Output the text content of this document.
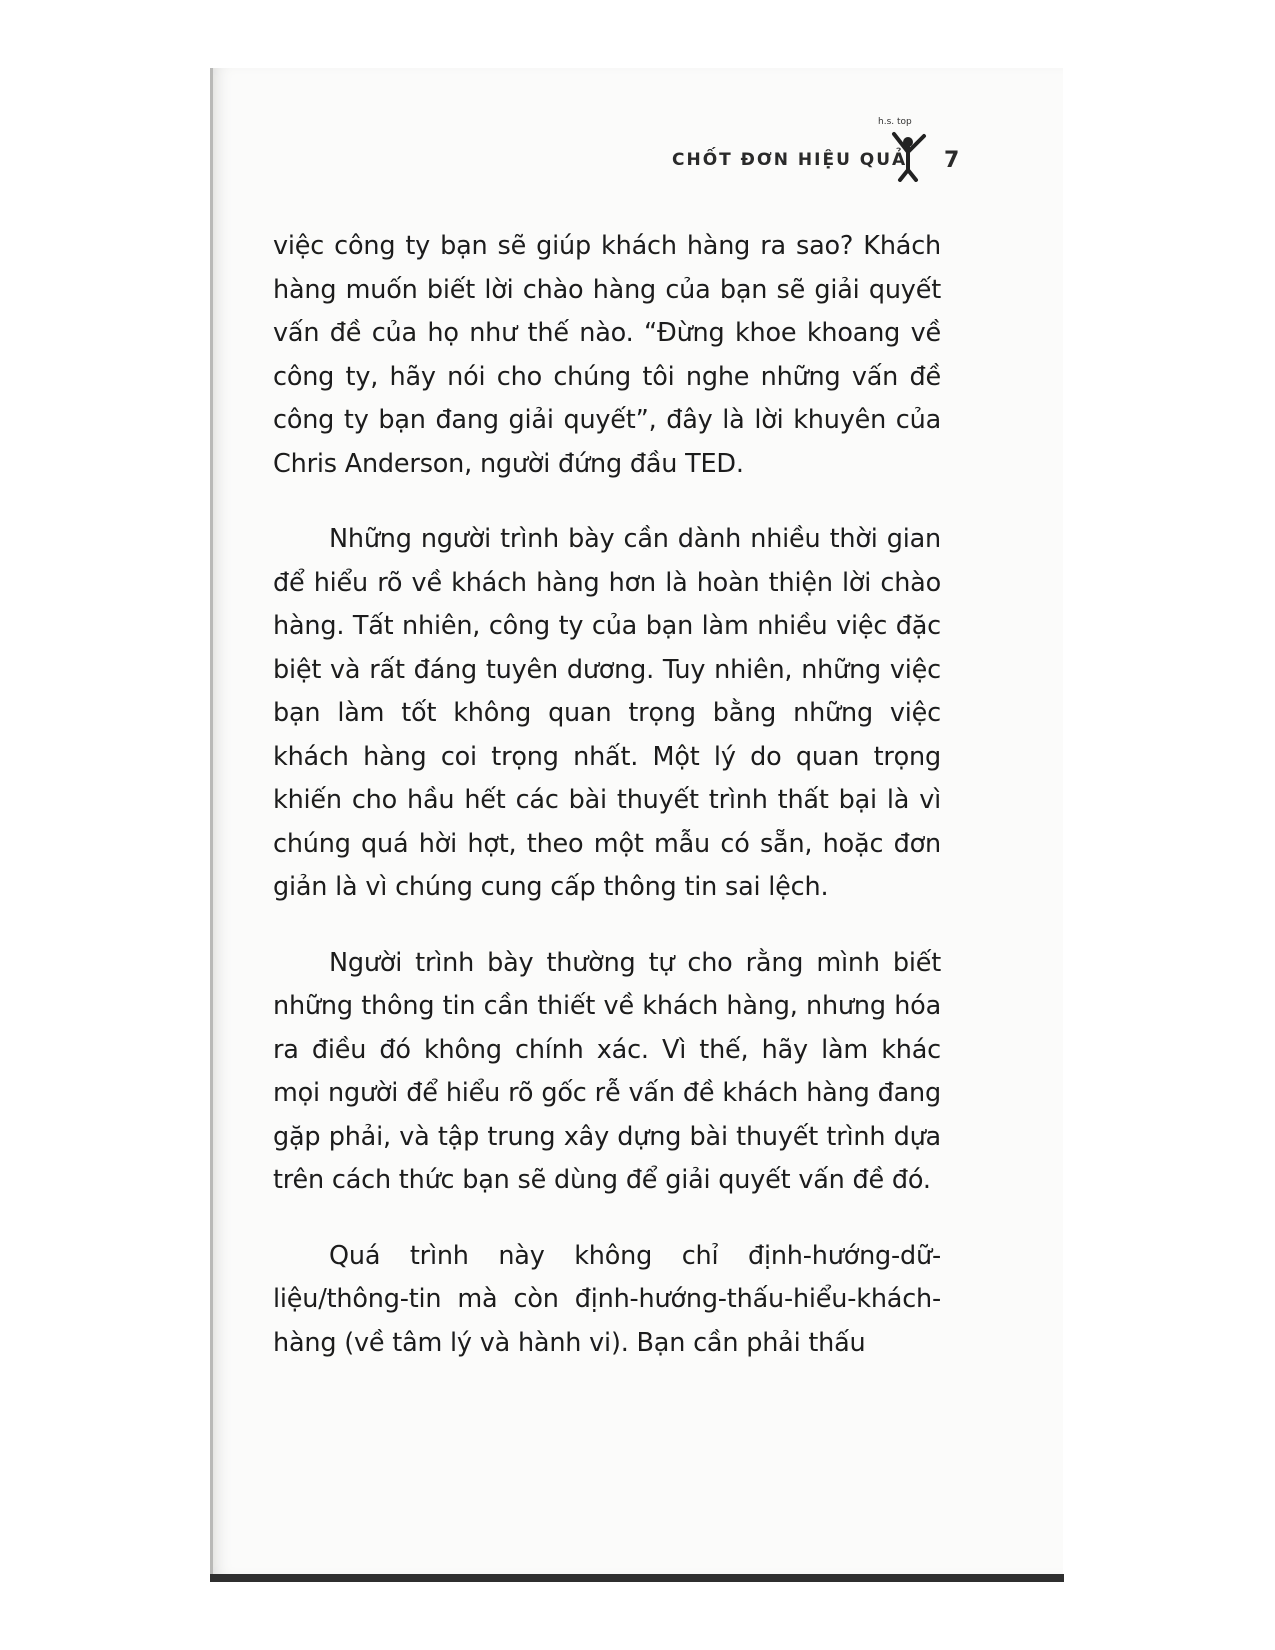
CHỐT ĐƠN HIỆU QUẢ
h.s. top
7

việc công ty bạn sẽ giúp khách hàng ra sao? Khách hàng muốn biết lời chào hàng của bạn sẽ giải quyết vấn đề của họ như thế nào. “Đừng khoe khoang về công ty, hãy nói cho chúng tôi nghe những vấn đề công ty bạn đang giải quyết”, đây là lời khuyên của Chris Anderson, người đứng đầu TED.

Những người trình bày cần dành nhiều thời gian để hiểu rõ về khách hàng hơn là hoàn thiện lời chào hàng. Tất nhiên, công ty của bạn làm nhiều việc đặc biệt và rất đáng tuyên dương. Tuy nhiên, những việc bạn làm tốt không quan trọng bằng những việc khách hàng coi trọng nhất. Một lý do quan trọng khiến cho hầu hết các bài thuyết trình thất bại là vì chúng quá hời hợt, theo một mẫu có sẵn, hoặc đơn giản là vì chúng cung cấp thông tin sai lệch.

Người trình bày thường tự cho rằng mình biết những thông tin cần thiết về khách hàng, nhưng hóa ra điều đó không chính xác. Vì thế, hãy làm khác mọi người để hiểu rõ gốc rễ vấn đề khách hàng đang gặp phải, và tập trung xây dựng bài thuyết trình dựa trên cách thức bạn sẽ dùng để giải quyết vấn đề đó.

Quá trình này không chỉ định-hướng-dữ-liệu/thông-tin mà còn định-hướng-thấu-hiểu-khách-hàng (về tâm lý và hành vi). Bạn cần phải thấu
